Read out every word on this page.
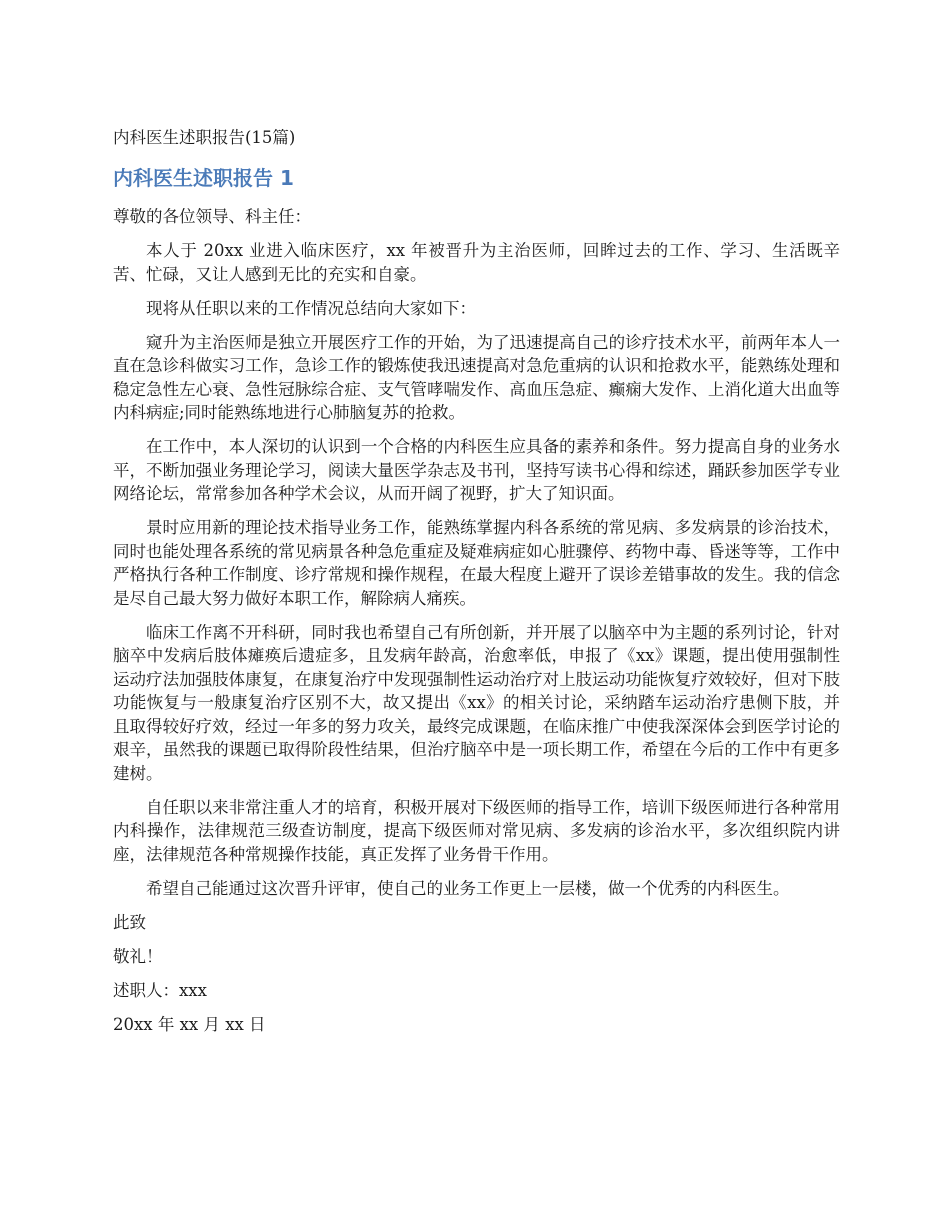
内科医生述职报告(15篇)
内科医生述职报告 1

尊敬的各位领导、科主任：

本人于 20xx 业进入临床医疗，xx 年被晋升为主治医师，回眸过去的工作、学习、生活既辛苦、忙碌，又让人感到无比的充实和自豪。

现将从任职以来的工作情况总结向大家如下：

窥升为主治医师是独立开展医疗工作的开始，为了迅速提高自己的诊疗技术水平，前两年本人一直在急诊科做实习工作，急诊工作的锻炼使我迅速提高对急危重病的认识和抢救水平，能熟练处理和稳定急性左心衰、急性冠脉综合症、支气管哮喘发作、高血压急症、癫痫大发作、上消化道大出血等内科病症;同时能熟练地进行心肺脑复苏的抢救。

在工作中，本人深切的认识到一个合格的内科医生应具备的素养和条件。努力提高自身的业务水平，不断加强业务理论学习，阅读大量医学杂志及书刊，坚持写读书心得和综述，踊跃参加医学专业网络论坛，常常参加各种学术会议，从而开阔了视野，扩大了知识面。

景时应用新的理论技术指导业务工作，能熟练掌握内科各系统的常见病、多发病景的诊治技术，同时也能处理各系统的常见病景各种急危重症及疑难病症如心脏骤停、药物中毒、昏迷等等，工作中严格执行各种工作制度、诊疗常规和操作规程，在最大程度上避开了误诊差错事故的发生。我的信念是尽自己最大努力做好本职工作，解除病人痛疾。

临床工作离不开科研，同时我也希望自己有所创新，并开展了以脑卒中为主题的系列讨论，针对脑卒中发病后肢体瘫痪后遗症多，且发病年龄高，治愈率低，申报了《xx》课题，提出使用强制性运动疗法加强肢体康复，在康复治疗中发现强制性运动治疗对上肢运动功能恢复疗效较好，但对下肢功能恢复与一般康复治疗区别不大，故又提出《xx》的相关讨论，采纳踏车运动治疗患侧下肢，并且取得较好疗效，经过一年多的努力攻关，最终完成课题，在临床推广中使我深深体会到医学讨论的艰辛，虽然我的课题已取得阶段性结果，但治疗脑卒中是一项长期工作，希望在今后的工作中有更多建树。

自任职以来非常注重人才的培育，积极开展对下级医师的指导工作，培训下级医师进行各种常用内科操作，法律规范三级查访制度，提高下级医师对常见病、多发病的诊治水平，多次组织院内讲座，法律规范各种常规操作技能，真正发挥了业务骨干作用。

希望自己能通过这次晋升评审，使自己的业务工作更上一层楼，做一个优秀的内科医生。

此致

敬礼！

述职人：xxx

20xx 年 xx 月 xx 日
